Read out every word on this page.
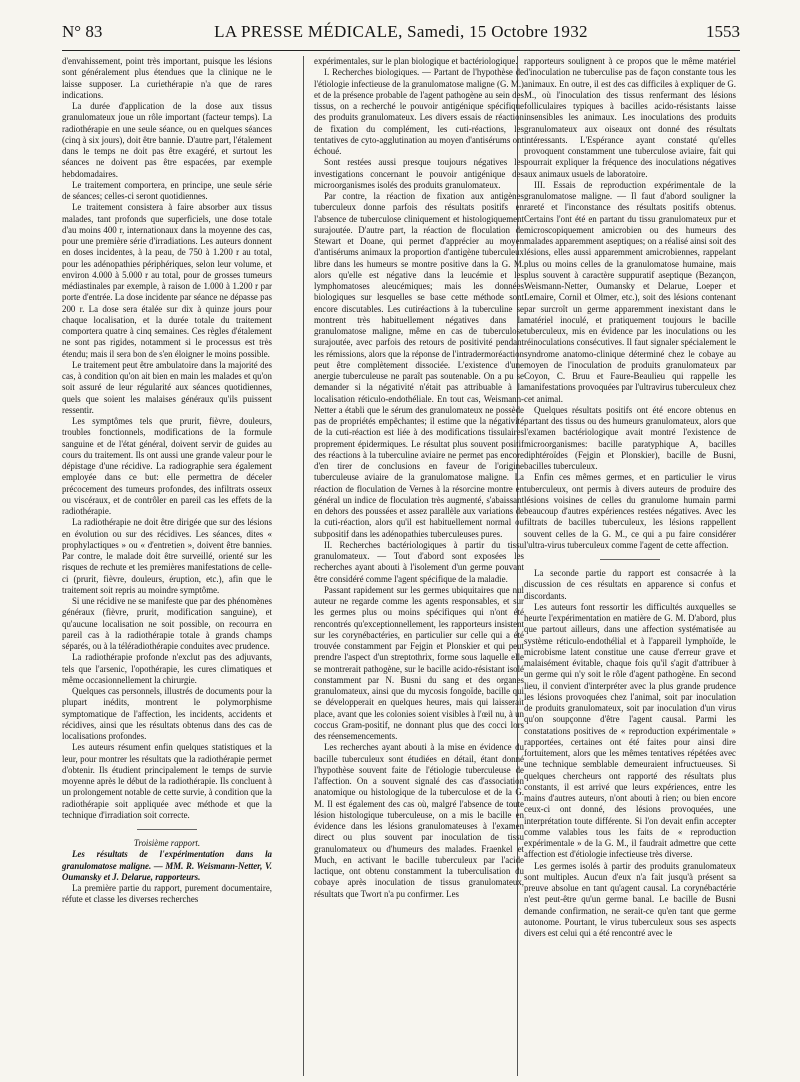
N° 83	LA PRESSE MÉDICALE, Samedi, 15 Octobre 1932	1553

d'envahissement, point très important, puisque les lésions sont généralement plus étendues que la clinique ne le laisse supposer. La curiethérapie n'a que de rares indications.

La durée d'application de la dose aux tissus granulomateux joue un rôle important (facteur temps). La radiothérapie en une seule séance, ou en quelques séances (cinq à six jours), doit être bannie. D'autre part, l'étalement dans le temps ne doit pas être exagéré, et surtout les séances ne doivent pas être espacées, par exemple hebdomadaires.

Le traitement comportera, en principe, une seule série de séances; celles-ci seront quotidiennes.

Le traitement consistera à faire absorber aux tissus malades, tant profonds que superficiels, une dose totale d'au moins 400 r, internationaux dans la moyenne des cas, pour une première série d'irradiations. Les auteurs donnent en doses incidentes, à la peau, de 750 à 1.200 r au total, pour les adénopathies périphériques, selon leur volume, et environ 4.000 à 5.000 r au total, pour de grosses tumeurs médiastinales par exemple, à raison de 1.000 à 1.200 r par porte d'entrée. La dose incidente par séance ne dépasse pas 200 r. La dose sera étalée sur dix à quinze jours pour chaque localisation, et la durée totale du traitement comportera quatre à cinq semaines. Ces règles d'étalement ne sont pas rigides, notamment si le processus est très étendu; mais il sera bon de s'en éloigner le moins possible.

Le traitement peut être ambulatoire dans la majorité des cas, à condition qu'on ait bien en main les malades et qu'on soit assuré de leur régularité aux séances quotidiennes, quels que soient les malaises généraux qu'ils puissent ressentir.

Les symptômes tels que prurit, fièvre, douleurs, troubles fonctionnels, modifications de la formule sanguine et de l'état général, doivent servir de guides au cours du traitement. Ils ont aussi une grande valeur pour le dépistage d'une récidive. La radiographie sera également employée dans ce but: elle permettra de déceler précocement des tumeurs profondes, des infiltrats osseux ou viscéraux, et de contrôler en pareil cas les effets de la radiothérapie.

La radiothérapie ne doit être dirigée que sur des lésions en évolution ou sur des récidives. Les séances, dites « prophylactiques » ou « d'entretien », doivent être bannies. Par contre, le malade doit être surveillé, orienté sur les risques de rechute et les premières manifestations de celle-ci (prurit, fièvre, douleurs, éruption, etc.), afin que le traitement soit repris au moindre symptôme.

Si une récidive ne se manifeste que par des phénomènes généraux (fièvre, prurit, modification sanguine), et qu'aucune localisation ne soit possible, on recourra en pareil cas à la radiothérapie totale à grands champs séparés, ou à la téléradiothérapie conduites avec prudence.

La radiothérapie profonde n'exclut pas des adjuvants, tels que l'arsenic, l'opothérapie, les cures climatiques et même occasionnellement la chirurgie.

Quelques cas personnels, illustrés de documents pour la plupart inédits, montrent le polymorphisme symptomatique de l'affection, les incidents, accidents et récidives, ainsi que les résultats obtenus dans des cas de localisations profondes.

Les auteurs résument enfin quelques statistiques et la leur, pour montrer les résultats que la radiothérapie permet d'obtenir. Ils étudient principalement le temps de survie moyenne après le début de la radiothérapie. Ils concluent à un prolongement notable de cette survie, à condition que la radiothérapie soit appliquée avec méthode et que la technique d'irradiation soit correcte.

Troisième rapport.

Les résultats de l'expérimentation dans la granulomatose maligne. — MM. R. Weismann-Netter, V. Oumansky et J. Delarue, rapporteurs.

La première partie du rapport, purement documentaire, réfute et classe les diverses recherches

expérimentales, sur le plan biologique et bactériologique.

I. Recherches biologiques. — Partant de l'hypothèse de l'étiologie infectieuse de la granulomatose maligne (G. M.) et de la présence probable de l'agent pathogène au sein des tissus, on a recherché le pouvoir antigénique spécifique des produits granulomateux. Les divers essais de réaction de fixation du complément, les cuti-réactions, les tentatives de cyto-agglutination au moyen d'antisérums ont échoué.

Sont restées aussi presque toujours négatives les investigations concernant le pouvoir antigénique des microorganismes isolés des produits granulomateux.

Par contre, la réaction de fixation aux antigènes tuberculeux donne parfois des résultats positifs en l'absence de tuberculose cliniquement et histologiquement surajoutée. D'autre part, la réaction de floculation de Stewart et Doane, qui permet d'apprécier au moyen d'antisérums animaux la proportion d'antigène tuberculeux libre dans les humeurs se montre positive dans la G. M. alors qu'elle est négative dans la leucémie et les lymphomatoses aleucémiques; mais les données biologiques sur lesquelles se base cette méthode sont encore discutables. Les cutiréactions à la tuberculine se montrent très habituellement négatives dans la granulomatose maligne, même en cas de tuberculose surajoutée, avec parfois des retours de positivité pendant les rémissions, alors que la réponse de l'intradermoréaction peut être complètement dissociée. L'existence d'une anergie tuberculeuse ne paraît pas soutenable. On a pu se demander si la négativité n'était pas attribuable à la localisation réticulo-endothéliale. En tout cas, Weismann-Netter a établi que le sérum des granulomateux ne possède pas de propriétés empêchantes; il estime que la négativité de la cuti-réaction est liée à des modifications tissulaires proprement épidermiques. Le résultat plus souvent positif des réactions à la tuberculine aviaire ne permet pas encore d'en tirer de conclusions en faveur de l'origine tuberculeuse aviaire de la granulomatose maligne. La réaction de floculation de Vernes à la résorcine montre en général un indice de floculation très augmenté, s'abaissant en dehors des poussées et assez parallèle aux variations de la cuti-réaction, alors qu'il est habituellement normal ou subpositif dans les adénopathies tuberculeuses pures.

II. Recherches bactériologiques à partir du tissu granulomateux. — Tout d'abord sont exposées les recherches ayant abouti à l'isolement d'un germe pouvant être considéré comme l'agent spécifique de la maladie.

Passant rapidement sur les germes ubiquitaires que nul auteur ne regarde comme les agents responsables, et sur les germes plus ou moins spécifiques qui n'ont été rencontrés qu'exceptionnellement, les rapporteurs insistent sur les corynébactéries, en particulier sur celle qui a été trouvée constamment par Fejgin et Plonskier et qui peut prendre l'aspect d'un streptothrix, forme sous laquelle elle se montrerait pathogène, sur le bacille acido-résistant isolé constamment par N. Busni du sang et des organes granulomateux, ainsi que du mycosis fongoïde, bacille qui se développerait en quelques heures, mais qui laisserait place, avant que les colonies soient visibles à l'œil nu, à un coccus Gram-positif, ne donnant plus que des cocci lors des réensemencements.

Les recherches ayant abouti à la mise en évidence du bacille tuberculeux sont étudiées en détail, étant donné l'hypothèse souvent faite de l'étiologie tuberculeuse de l'affection. On a souvent signalé des cas d'association anatomique ou histologique de la tuberculose et de la G. M. Il est également des cas où, malgré l'absence de toute lésion histologique tuberculeuse, on a mis le bacille en évidence dans les lésions granulomateuses à l'examen direct ou plus souvent par inoculation de tissu granulomateux ou d'humeurs des malades. Fraenkel et Much, en activant le bacille tuberculeux par l'acide lactique, ont obtenu constamment la tuberculisation du cobaye après inoculation de tissus granulomateux, résultats que Twort n'a pu confirmer. Les

rapporteurs soulignent à ce propos que le même matériel d'inoculation ne tuberculise pas de façon constante tous les animaux. En outre, il est des cas difficiles à expliquer de G. M., où l'inoculation des tissus renfermant des lésions folliculaires typiques à bacilles acido-résistants laisse insensibles les animaux. Les inoculations des produits granulomateux aux oiseaux ont donné des résultats intéressants. L'Espérance ayant constaté qu'elles provoquent constamment une tuberculose aviaire, fait qui pourrait expliquer la fréquence des inoculations négatives aux animaux usuels de laboratoire.

III. Essais de reproduction expérimentale de la granulomatose maligne. — Il faut d'abord souligner la rareté et l'inconstance des résultats positifs obtenus. Certains l'ont été en partant du tissu granulomateux pur et microscopiquement amicrobien ou des humeurs des malades apparemment aseptiques; on a réalisé ainsi soit des lésions, elles aussi apparemment amicrobiennes, rappelant plus ou moins celles de la granulomatose humaine, mais plus souvent à caractère suppuratif aseptique (Bezançon, Weismann-Netter, Oumansky et Delarue, Loeper et Lemaire, Cornil et Olmer, etc.), soit des lésions contenant par surcroît un germe apparemment inexistant dans le matériel inoculé, et pratiquement toujours le bacille tuberculeux, mis en évidence par les inoculations ou les réinoculations consécutives. Il faut signaler spécialement le syndrome anatomo-clinique déterminé chez le cobaye au moyen de l'inoculation de produits granulomateux par Coyon, C. Bruu et Faure-Beaulieu qui rappelle les manifestations provoquées par l'ultravirus tuberculeux chez cet animal.

Quelques résultats positifs ont été encore obtenus en partant des tissus ou des humeurs granulomateux, alors que l'examen bactériologique avait montré l'existence de microorganismes: bacille paratyphique A, bacilles diphtéroïdes (Fejgin et Plonskier), bacille de Busni, bacilles tuberculeux.

Enfin ces mêmes germes, et en particulier le virus tuberculeux, ont permis à divers auteurs de produire des lésions voisines de celles du granulome humain parmi beaucoup d'autres expériences restées négatives. Avec les filtrats de bacilles tuberculeux, les lésions rappellent souvent celles de la G. M., ce qui a pu faire considérer l'ultra-virus tuberculeux comme l'agent de cette affection.

La seconde partie du rapport est consacrée à la discussion de ces résultats en apparence si confus et discordants.

Les auteurs font ressortir les difficultés auxquelles se heurte l'expérimentation en matière de G. M. D'abord, plus que partout ailleurs, dans une affection systématisée au système réticulo-endothélial et à l'appareil lymphoïde, le microbisme latent constitue une cause d'erreur grave et malaisément évitable, chaque fois qu'il s'agit d'attribuer à un germe qui n'y soit le rôle d'agent pathogène. En second lieu, il convient d'interpréter avec la plus grande prudence les lésions provoquées chez l'animal, soit par inoculation de produits granulomateux, soit par inoculation d'un virus qu'on soupçonne d'être l'agent causal. Parmi les constatations positives de « reproduction expérimentale » rapportées, certaines ont été faites pour ainsi dire fortuitement, alors que les mêmes tentatives répétées avec une technique semblable demeuraient infructueuses. Si quelques chercheurs ont rapporté des résultats plus constants, il est arrivé que leurs expériences, entre les mains d'autres auteurs, n'ont abouti à rien; ou bien encore ceux-ci ont donné, des lésions provoquées, une interprétation toute différente. Si l'on devait enfin accepter comme valables tous les faits de « reproduction expérimentale » de la G. M., il faudrait admettre que cette affection est d'étiologie infectieuse très diverse.

Les germes isolés à partir des produits granulomateux sont multiples. Aucun d'eux n'a fait jusqu'à présent sa preuve absolue en tant qu'agent causal. La corynébactérie n'est peut-être qu'un germe banal. Le bacille de Busni demande confirmation, ne serait-ce qu'en tant que germe autonome. Pourtant, le virus tuberculeux sous ses aspects divers est celui qui a été rencontré avec le
